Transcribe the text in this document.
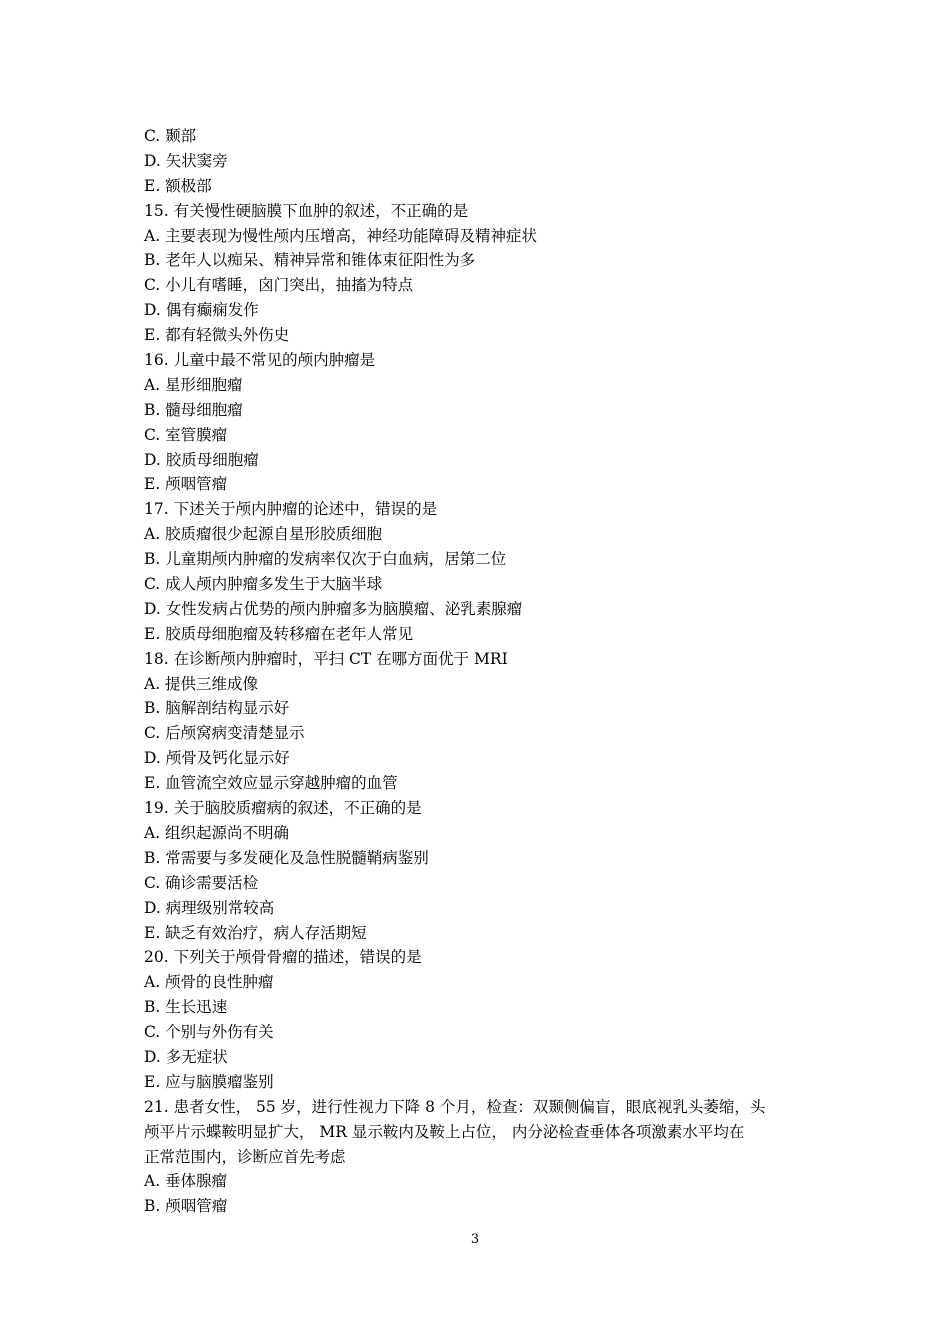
C. 颞部
D. 矢状窦旁
E. 额极部
15. 有关慢性硬脑膜下血肿的叙述，不正确的是
A. 主要表现为慢性颅内压增高，神经功能障碍及精神症状
B. 老年人以痴呆、精神异常和锥体束征阳性为多
C. 小儿有嗜睡，囟门突出，抽搐为特点
D. 偶有癫痫发作
E. 都有轻微头外伤史
16. 儿童中最不常见的颅内肿瘤是
A. 星形细胞瘤
B. 髓母细胞瘤
C. 室管膜瘤
D. 胶质母细胞瘤
E. 颅咽管瘤
17. 下述关于颅内肿瘤的论述中，错误的是
A. 胶质瘤很少起源自星形胶质细胞
B. 儿童期颅内肿瘤的发病率仅次于白血病，居第二位
C. 成人颅内肿瘤多发生于大脑半球
D. 女性发病占优势的颅内肿瘤多为脑膜瘤、泌乳素腺瘤
E. 胶质母细胞瘤及转移瘤在老年人常见
18. 在诊断颅内肿瘤时，平扫 CT 在哪方面优于 MRI
A. 提供三维成像
B. 脑解剖结构显示好
C. 后颅窝病变清楚显示
D. 颅骨及钙化显示好
E. 血管流空效应显示穿越肿瘤的血管
19. 关于脑胶质瘤病的叙述，不正确的是
A. 组织起源尚不明确
B. 常需要与多发硬化及急性脱髓鞘病鉴别
C. 确诊需要活检
D. 病理级别常较高
E. 缺乏有效治疗，病人存活期短
20. 下列关于颅骨骨瘤的描述，错误的是
A. 颅骨的良性肿瘤
B. 生长迅速
C. 个别与外伤有关
D. 多无症状
E. 应与脑膜瘤鉴别
21. 患者女性， 55 岁，进行性视力下降 8 个月，检查：双颞侧偏盲，眼底视乳头萎缩，头
颅平片示蝶鞍明显扩大， MR 显示鞍内及鞍上占位， 内分泌检查垂体各项激素水平均在
正常范围内，诊断应首先考虑
A. 垂体腺瘤
B. 颅咽管瘤
3
